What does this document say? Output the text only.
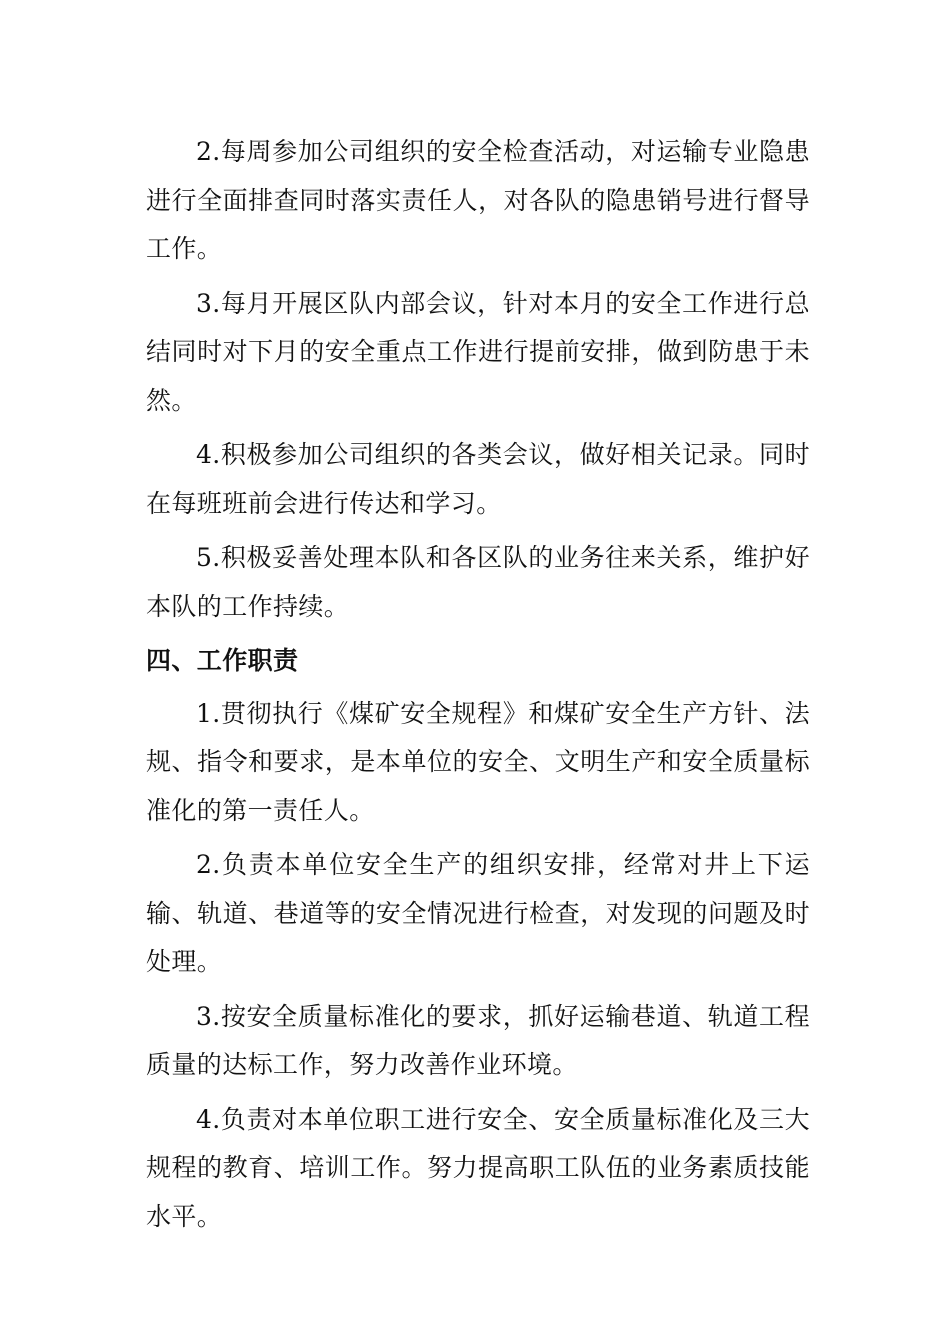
2.每周参加公司组织的安全检查活动，对运输专业隐患进行全面排查同时落实责任人，对各队的隐患销号进行督导工作。

3.每月开展区队内部会议，针对本月的安全工作进行总结同时对下月的安全重点工作进行提前安排，做到防患于未然。

4.积极参加公司组织的各类会议，做好相关记录。同时在每班班前会进行传达和学习。

5.积极妥善处理本队和各区队的业务往来关系，维护好本队的工作持续。

四、工作职责

1.贯彻执行《煤矿安全规程》和煤矿安全生产方针、法规、指令和要求，是本单位的安全、文明生产和安全质量标准化的第一责任人。

2.负责本单位安全生产的组织安排，经常对井上下运输、轨道、巷道等的安全情况进行检查，对发现的问题及时处理。

3.按安全质量标准化的要求，抓好运输巷道、轨道工程质量的达标工作，努力改善作业环境。

4.负责对本单位职工进行安全、安全质量标准化及三大规程的教育、培训工作。努力提高职工队伍的业务素质技能水平。
